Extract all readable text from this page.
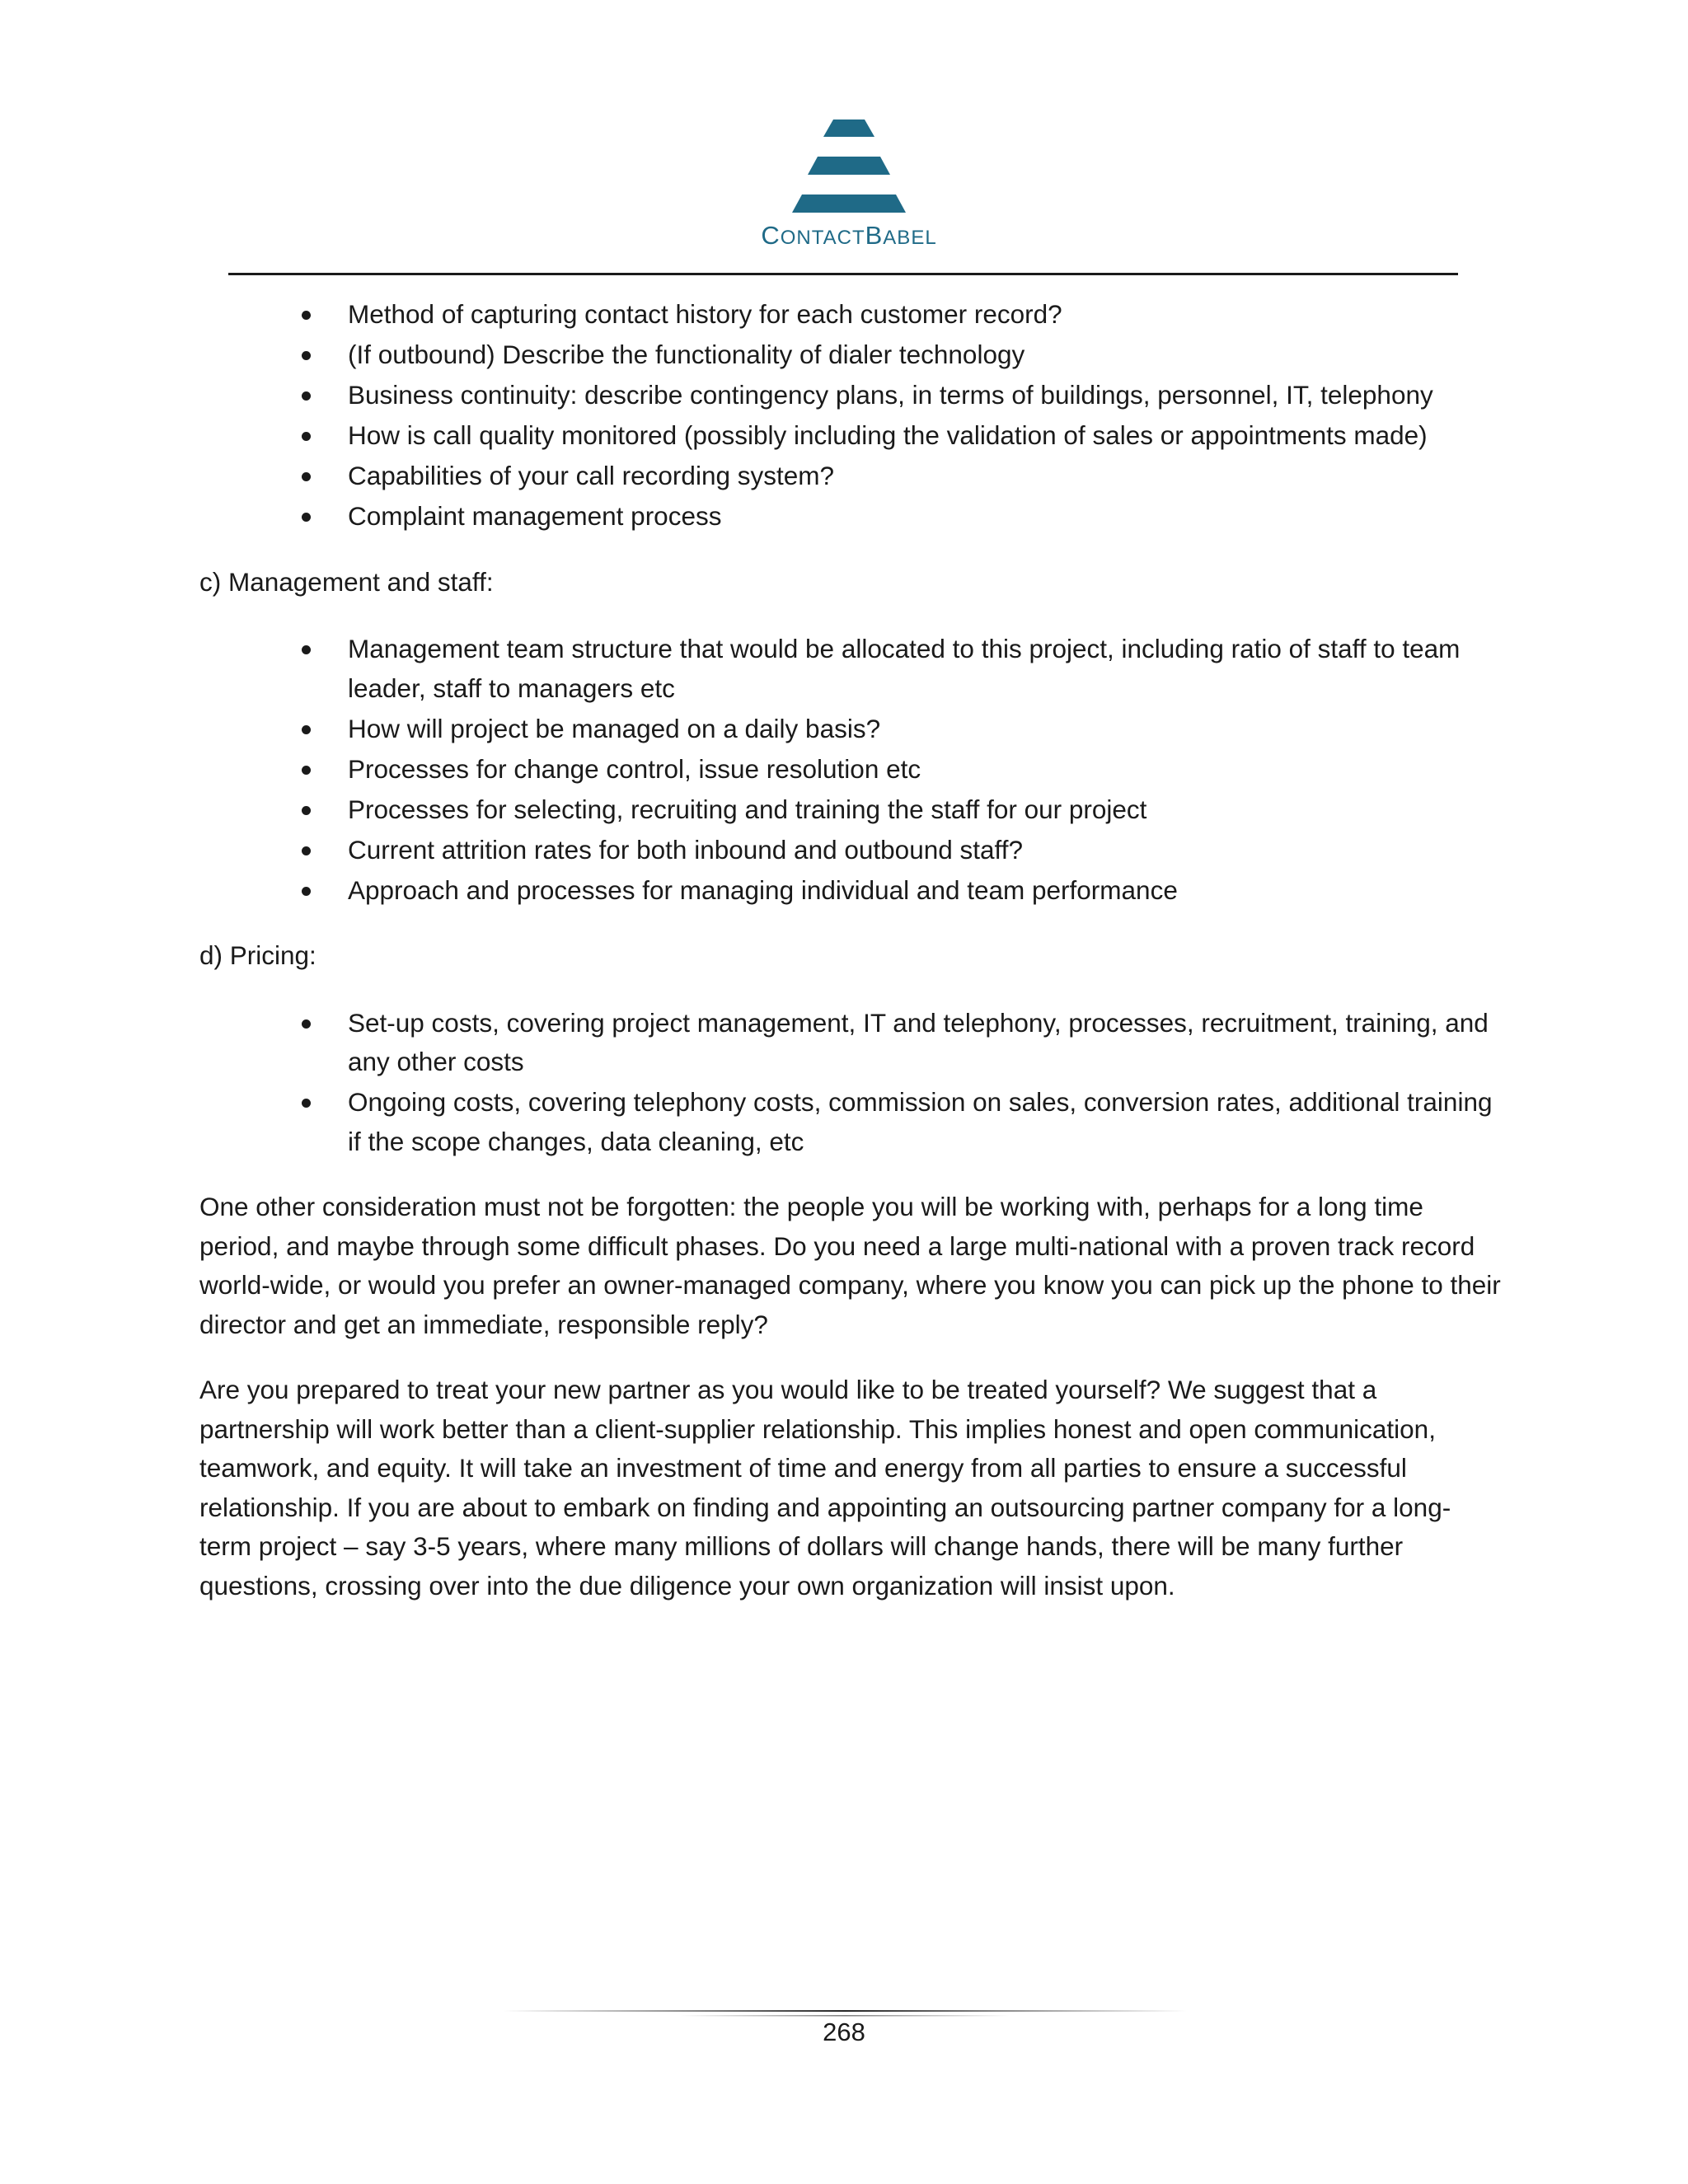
CONTACTBABEL
Method of capturing contact history for each customer record?
(If outbound) Describe the functionality of dialer technology
Business continuity: describe contingency plans, in terms of buildings, personnel, IT, telephony
How is call quality monitored (possibly including the validation of sales or appointments made)
Capabilities of your call recording system?
Complaint management process
c) Management and staff:
Management team structure that would be allocated to this project, including ratio of staff to team leader, staff to managers etc
How will project be managed on a daily basis?
Processes for change control, issue resolution etc
Processes for selecting, recruiting and training the staff for our project
Current attrition rates for both inbound and outbound staff?
Approach and processes for managing individual and team performance
d) Pricing:
Set-up costs, covering project management, IT and telephony, processes, recruitment, training, and any other costs
Ongoing costs, covering telephony costs, commission on sales, conversion rates, additional training if the scope changes, data cleaning, etc

One other consideration must not be forgotten: the people you will be working with, perhaps for a long time period, and maybe through some difficult phases. Do you need a large multi-national with a proven track record world-wide, or would you prefer an owner-managed company, where you know you can pick up the phone to their director and get an immediate, responsible reply?

Are you prepared to treat your new partner as you would like to be treated yourself? We suggest that a partnership will work better than a client-supplier relationship. This implies honest and open communication, teamwork, and equity. It will take an investment of time and energy from all parties to ensure a successful relationship. If you are about to embark on finding and appointing an outsourcing partner company for a long-term project – say 3-5 years, where many millions of dollars will change hands, there will be many further questions, crossing over into the due diligence your own organization will insist upon.

268
